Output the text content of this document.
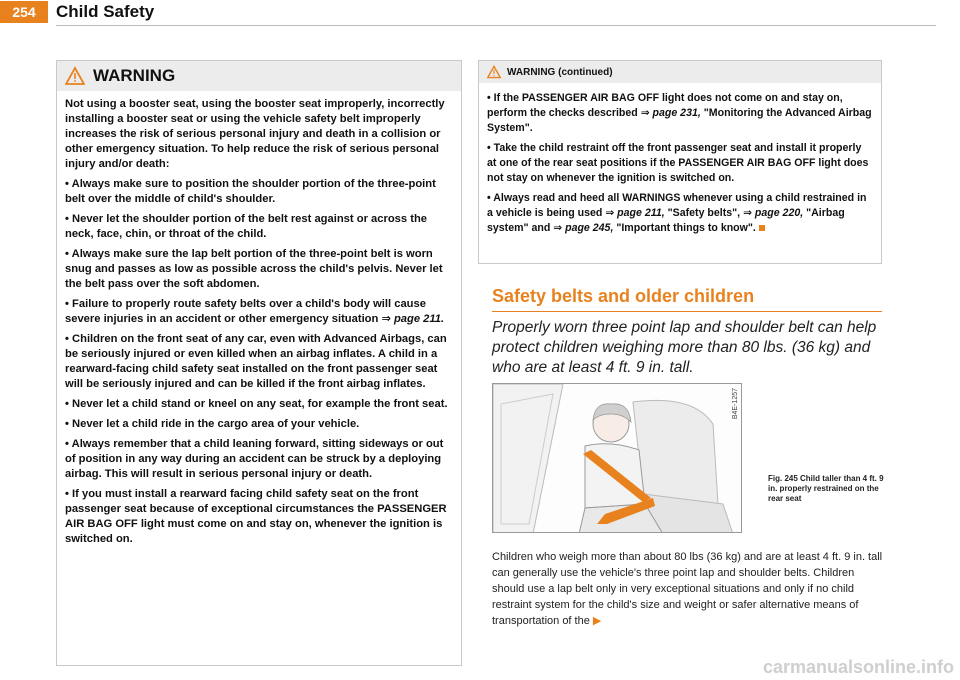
254	Child Safety
WARNING

Not using a booster seat, using the booster seat improperly, incorrectly installing a booster seat or using the vehicle safety belt improperly increases the risk of serious personal injury and death in a collision or other emergency situation. To help reduce the risk of serious personal injury and/or death:

• Always make sure to position the shoulder portion of the three-point belt over the middle of child's shoulder.

• Never let the shoulder portion of the belt rest against or across the neck, face, chin, or throat of the child.

• Always make sure the lap belt portion of the three-point belt is worn snug and passes as low as possible across the child's pelvis. Never let the belt pass over the soft abdomen.

• Failure to properly route safety belts over a child's body will cause severe injuries in an accident or other emergency situation ⇒ page 211.

• Children on the front seat of any car, even with Advanced Airbags, can be seriously injured or even killed when an airbag inflates. A child in a rearward-facing child safety seat installed on the front passenger seat will be seriously injured and can be killed if the front airbag inflates.

• Never let a child stand or kneel on any seat, for example the front seat.

• Never let a child ride in the cargo area of your vehicle.

• Always remember that a child leaning forward, sitting sideways or out of position in any way during an accident can be struck by a deploying airbag. This will result in serious personal injury or death.

• If you must install a rearward facing child safety seat on the front passenger seat because of exceptional circumstances the PASSENGER AIR BAG OFF light must come on and stay on, whenever the ignition is switched on.

WARNING (continued)

• If the PASSENGER AIR BAG OFF light does not come on and stay on, perform the checks described ⇒ page 231, "Monitoring the Advanced Airbag System".

• Take the child restraint off the front passenger seat and install it properly at one of the rear seat positions if the PASSENGER AIR BAG OFF light does not stay on whenever the ignition is switched on.

• Always read and heed all WARNINGS whenever using a child restrained in a vehicle is being used ⇒ page 211, "Safety belts", ⇒ page 220, "Airbag system" and ⇒ page 245, "Important things to know".

Safety belts and older children
Properly worn three point lap and shoulder belt can help protect children weighing more than 80 lbs. (36 kg) and who are at least 4 ft. 9 in. tall.
B4E-1257
Fig. 245 Child taller than 4 ft. 9 in. properly restrained on the rear seat
Children who weigh more than about 80 lbs (36 kg) and are at least 4 ft. 9 in. tall can generally use the vehicle's three point lap and shoulder belts. Children should use a lap belt only in very exceptional situations and only if no child restraint system for the child's size and weight or safer alternative means of transportation of the ▶
carmanualsonline.info
